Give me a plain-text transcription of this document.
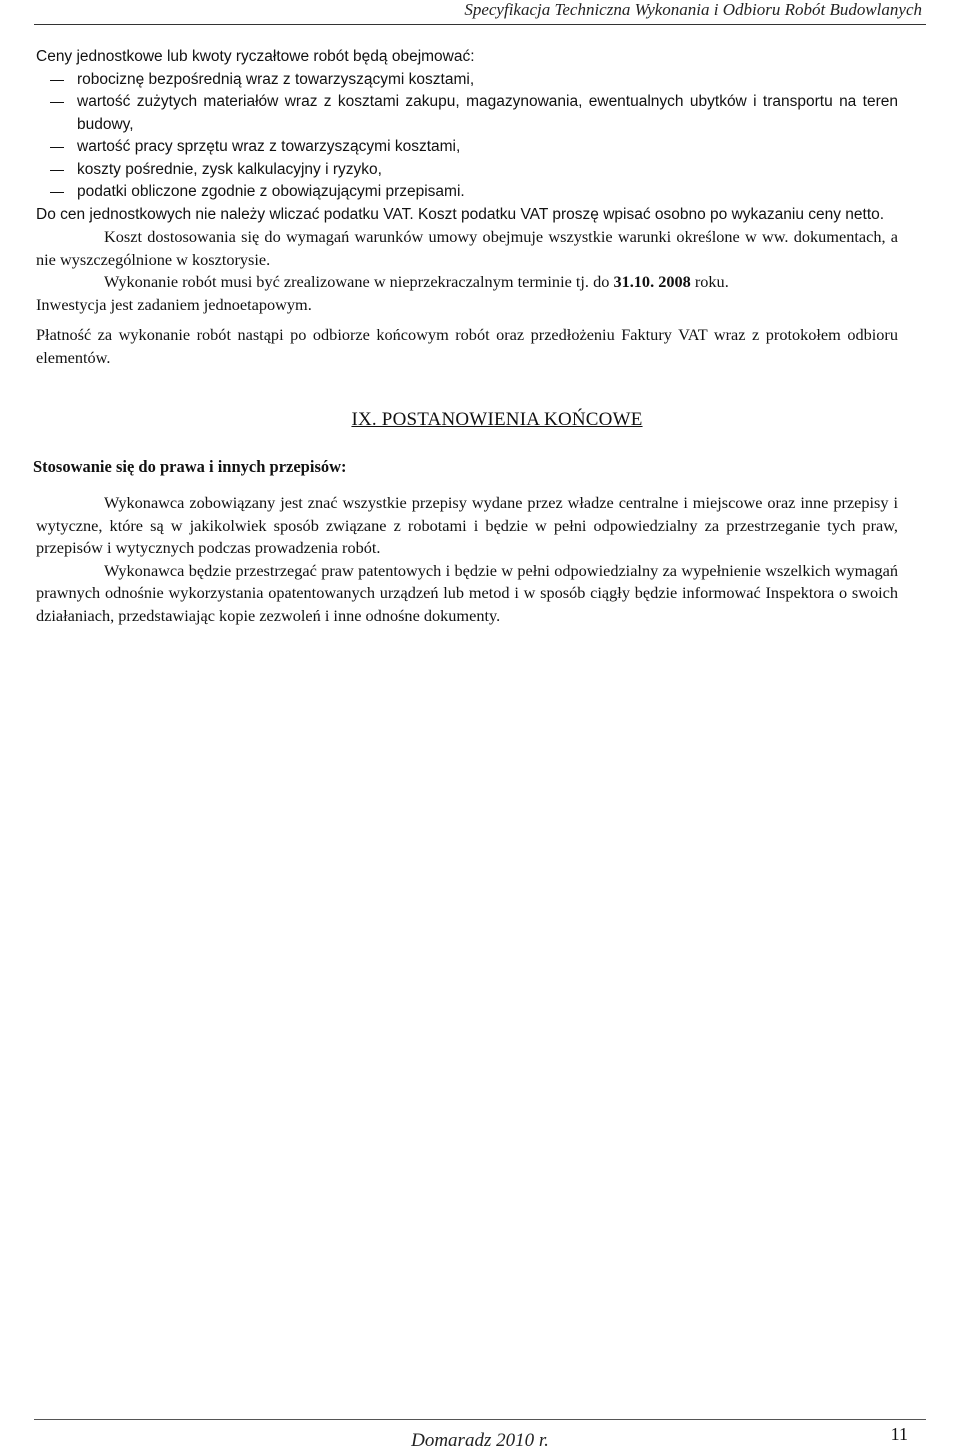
Specyfikacja Techniczna Wykonania i Odbioru Robót Budowlanych

Ceny jednostkowe lub kwoty ryczałtowe robót będą obejmować:

robociznę bezpośrednią wraz z towarzyszącymi kosztami,
wartość zużytych materiałów wraz z kosztami zakupu, magazynowania, ewentualnych ubytków i transportu na teren budowy,
wartość pracy sprzętu wraz z towarzyszącymi kosztami,
koszty pośrednie, zysk kalkulacyjny i ryzyko,
podatki obliczone zgodnie z obowiązującymi przepisami.

Do cen jednostkowych nie należy wliczać podatku VAT. Koszt podatku VAT proszę wpisać osobno po wykazaniu ceny netto.

Koszt dostosowania się do wymagań warunków umowy obejmuje wszystkie warunki określone w ww. dokumentach, a nie wyszczególnione w kosztorysie.

Wykonanie robót musi być zrealizowane w nieprzekraczalnym terminie tj. do 31.10. 2008 roku.

Inwestycja jest zadaniem jednoetapowym.

Płatność za wykonanie robót nastąpi po odbiorze końcowym robót oraz przedłożeniu Faktury VAT wraz z protokołem odbioru elementów.

IX. POSTANOWIENIA KOŃCOWE

Stosowanie się do prawa i innych przepisów:

Wykonawca zobowiązany jest znać wszystkie przepisy wydane przez władze centralne i miejscowe oraz inne przepisy i wytyczne, które są w jakikolwiek sposób związane z robotami i będzie w pełni odpowiedzialny za przestrzeganie tych praw, przepisów i wytycznych podczas prowadzenia robót.

Wykonawca będzie przestrzegać praw patentowych i będzie w pełni odpowiedzialny za wypełnienie wszelkich wymagań prawnych odnośnie wykorzystania opatentowanych urządzeń lub metod i w sposób ciągły będzie informować Inspektora o swoich działaniach, przedstawiając kopie zezwoleń i inne odnośne dokumenty.

Domaradz 2010 r.	11
